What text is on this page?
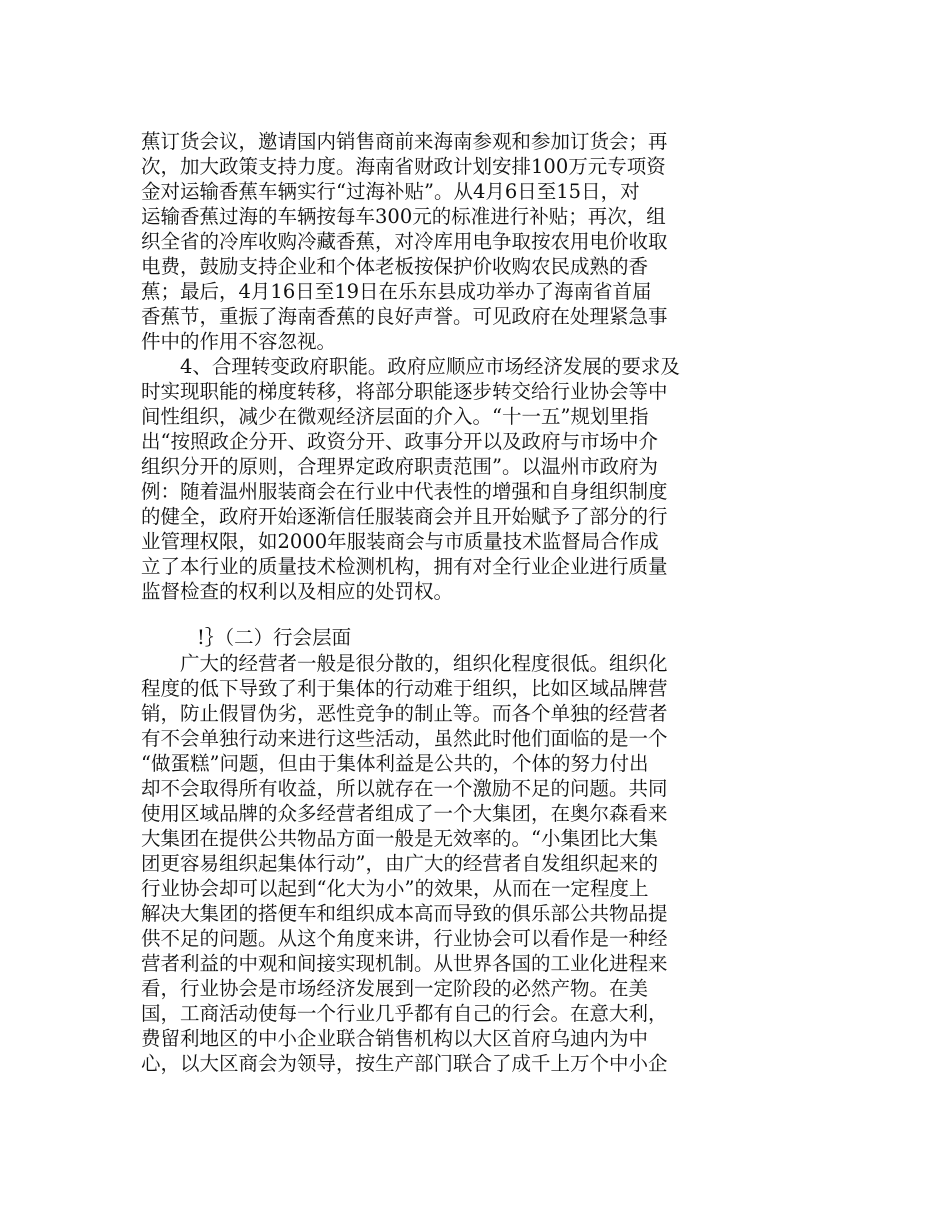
蕉订货会议，邀请国内销售商前来海南参观和参加订货会；再
次，加大政策支持力度。海南省财政计划安排100万元专项资
金对运输香蕉车辆实行“过海补贴”。从4月6日至15日，对
运输香蕉过海的车辆按每车300元的标准进行补贴；再次，组
织全省的冷库收购冷藏香蕉，对冷库用电争取按农用电价收取
电费，鼓励支持企业和个体老板按保护价收购农民成熟的香
蕉；最后，4月16日至19日在乐东县成功举办了海南省首届
香蕉节，重振了海南香蕉的良好声誉。可见政府在处理紧急事
件中的作用不容忽视。
4、合理转变政府职能。政府应顺应市场经济发展的要求及
时实现职能的梯度转移，将部分职能逐步转交给行业协会等中
间性组织，减少在微观经济层面的介入。“十一五”规划里指
出“按照政企分开、政资分开、政事分开以及政府与市场中介
组织分开的原则，合理界定政府职责范围”。以温州市政府为
例：随着温州服装商会在行业中代表性的增强和自身组织制度
的健全，政府开始逐渐信任服装商会并且开始赋予了部分的行
业管理权限，如2000年服装商会与市质量技术监督局合作成
立了本行业的质量技术检测机构，拥有对全行业企业进行质量
监督检查的权利以及相应的处罚权。
!｝（二）行会层面
广大的经营者一般是很分散的，组织化程度很低。组织化
程度的低下导致了利于集体的行动难于组织，比如区域品牌营
销，防止假冒伪劣，恶性竞争的制止等。而各个单独的经营者
有不会单独行动来进行这些活动，虽然此时他们面临的是一个
“做蛋糕”问题，但由于集体利益是公共的，个体的努力付出
却不会取得所有收益，所以就存在一个激励不足的问题。共同
使用区域品牌的众多经营者组成了一个大集团，在奥尔森看来
大集团在提供公共物品方面一般是无效率的。“小集团比大集
团更容易组织起集体行动”，由广大的经营者自发组织起来的
行业协会却可以起到“化大为小”的效果，从而在一定程度上
解决大集团的搭便车和组织成本高而导致的俱乐部公共物品提
供不足的问题。从这个角度来讲，行业协会可以看作是一种经
营者利益的中观和间接实现机制。从世界各国的工业化进程来
看，行业协会是市场经济发展到一定阶段的必然产物。在美
国，工商活动使每一个行业几乎都有自己的行会。在意大利，
费留利地区的中小企业联合销售机构以大区首府乌迪内为中
心，以大区商会为领导，按生产部门联合了成千上万个中小企
